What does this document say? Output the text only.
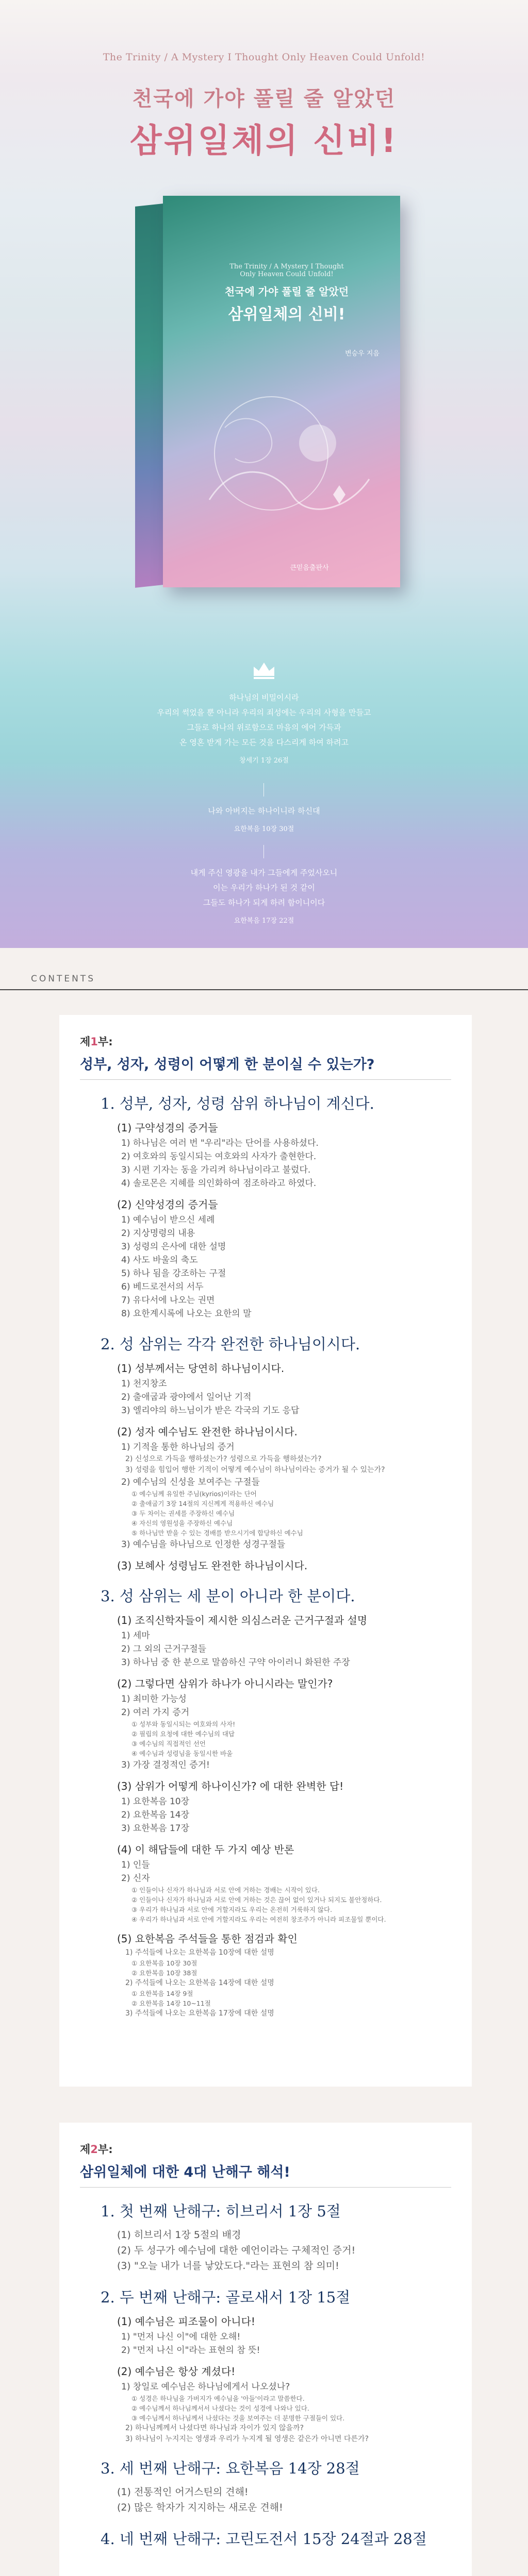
The Trinity / A Mystery I Thought Only Heaven Could Unfold!
천국에 가야 풀릴 줄 알았던
삼위일체의 신비!
The Trinity / A Mystery I Thought
Only Heaven Could Unfold!
천국에 가야 풀릴 줄 알았던
삼위일체의 신비!
변승우 지음
큰믿음출판사
하나님의 비밀이시라
우리의 썩었을 뿐 아니라 우리의 죄성에는 우리의 사형을 만들고
그들로 하나의 위로함으로 마음의 에어 가득과
온 영혼 받게 가는 모든 것을 다스리게 하여 하려고
창세기 1장 26절
나와 아버지는 하나이니라 하신대
요한복음 10장 30절
내게 주신 영광을 내가 그들에게 주었사오니
이는 우리가 하나가 된 것 같이
그들도 하나가 되게 하려 함이니이다
요한복음 17장 22절
CONTENTS
제1부:
성부, 성자, 성령이 어떻게 한 분이실 수 있는가?
1. 성부, 성자, 성령 삼위 하나님이 계신다.
(1) 구약성경의 증거들
1) 하나님은 여러 번 "우리"라는 단어를 사용하셨다.
2) 여호와의 동일시되는 여호와의 사자가 출현한다.
3) 시편 기자는 동을 가리켜 하나님이라고 불렀다.
4) 솔로몬은 지혜를 의인화하여 점조하라고 하였다.
(2) 신약성경의 증거들
1) 예수님이 받으신 세례
2) 지상명령의 내용
3) 성령의 은사에 대한 설명
4) 사도 바울의 축도
5) 하나 됨을 강조하는 구절
6) 베드로전서의 서두
7) 유다서에 나오는 권면
8) 요한계시록에 나오는 요한의 말
2. 성 삼위는 각각 완전한 하나님이시다.
(1) 성부께서는 당연히 하나님이시다.
1) 천지창조
2) 출애굽과 광야에서 일어난 기적
3) 엘리야의 하느님이가 받은 각국의 기도 응답
(2) 성자 예수님도 완전한 하나님이시다.
1) 기적을 통한 하나님의 증거
2) 신성으로 가득을 행하셨는가? 성령으로 가득을 행하셨는가?
3) 성령을 힘입어 행한 기적이 어떻게 예수님이 하나님이라는 증거가 될 수 있는가?
2) 예수님의 신성을 보여주는 구절들
① 예수님께 유일한 주님(kyrios)이라는 단어
② 출애굽기 3장 14절의 지신께게 적용하신 예수님
③ 두 차이는 권세를 주장하신 예수님
④ 자신의 영원성을 주장하신 예수님
⑤ 하나님만 받을 수 있는 경배를 받으시기에 합당하신 예수님
3) 예수님을 하나님으로 인정한 성경구절들
(3) 보혜사 성령님도 완전한 하나님이시다.
3. 성 삼위는 세 분이 아니라 한 분이다.
(1) 조직신학자들이 제시한 의심스러운 근거구절과 설명
1) 세마
2) 그 외의 근거구절들
3) 하나님 중 한 분으로 말씀하신 구약 아이러니 화된한 주장
(2) 그렇다면 삼위가 하나가 아니시라는 말인가?
1) 최미한 가능성
2) 여러 가지 증거
① 성부와 동일시되는 여호와의 사자!
② 필립의 요청에 대한 예수님의 대답
③ 예수님의 직접적인 선언
④ 예수님과 성령님을 동일시한 바울
3) 가장 결정적인 증거!
(3) 삼위가 어떻게 하나이신가? 에 대한 완벽한 답!
1) 요한복음 10장
2) 요한복음 14장
3) 요한복음 17장
(4) 이 해답들에 대한 두 가지 예상 반론
1) 인들
2) 신자
① 인들이나 신자가 하나님과 서로 안에 거하는 경배는 시작이 있다.
② 인들이나 신자가 하나님과 서로 안에 거하는 것은 끊어 없이 있거나 되지도 불안정하다.
③ 우리가 하나님과 서로 안에 거할지라도 우리는 온전히 거룩하지 않다.
④ 우리가 하나님과 서로 안에 거할지라도 우리는 여전히 창조주가 아니라 피조물일 뿐이다.
(5) 요한복음 주석들을 통한 점검과 확인
1) 주석들에 나오는 요한복음 10장에 대한 설명
① 요한복음 10장 30절
② 요한복음 10장 38절
2) 주석들에 나오는 요한복음 14장에 대한 설명
① 요한복음 14장 9절
② 요한복음 14장 10~11절
3) 주석들에 나오는 요한복음 17장에 대한 설명
제2부:
삼위일체에 대한 4대 난해구 해석!
1. 첫 번째 난해구: 히브리서 1장 5절
(1) 히브리서 1장 5절의 배경
(2) 두 성구가 예수님에 대한 예언이라는 구체적인 증거!
(3) "오늘 내가 너를 낳았도다."라는 표현의 참 의미!
2. 두 번째 난해구: 골로새서 1장 15절
(1) 예수님은 피조물이 아니다!
1) "먼저 나신 이"에 대한 오해!
2) "먼저 나신 이"라는 표현의 참 뜻!
(2) 예수님은 항상 계셨다!
1) 창일로 예수님은 하나님에게서 나오셨나?
① 성경은 하나님을 가버지가 예수님을 '아들'이라고 말씀한다.
② 예수님께서 하나님께서서 나셨다는 것이 성경에 나와나 있다.
③ 예수님께서 하나님께서 나셨다는 것을 보여주는 더 분명한 구절들이 있다.
2) 하나님께께서 나셨다면 하나님과 자이가 있지 않을까?
3) 하나님이 누지지는 영생과 우리가 누지게 될 영생은 같은가 아니면 다른가?
3. 세 번째 난해구: 요한복음 14장 28절
(1) 전통적인 어거스틴의 견해!
(2) 많은 학자가 지지하는 새로운 견해!
4. 네 번째 난해구: 고린도전서 15장 24절과 28절
